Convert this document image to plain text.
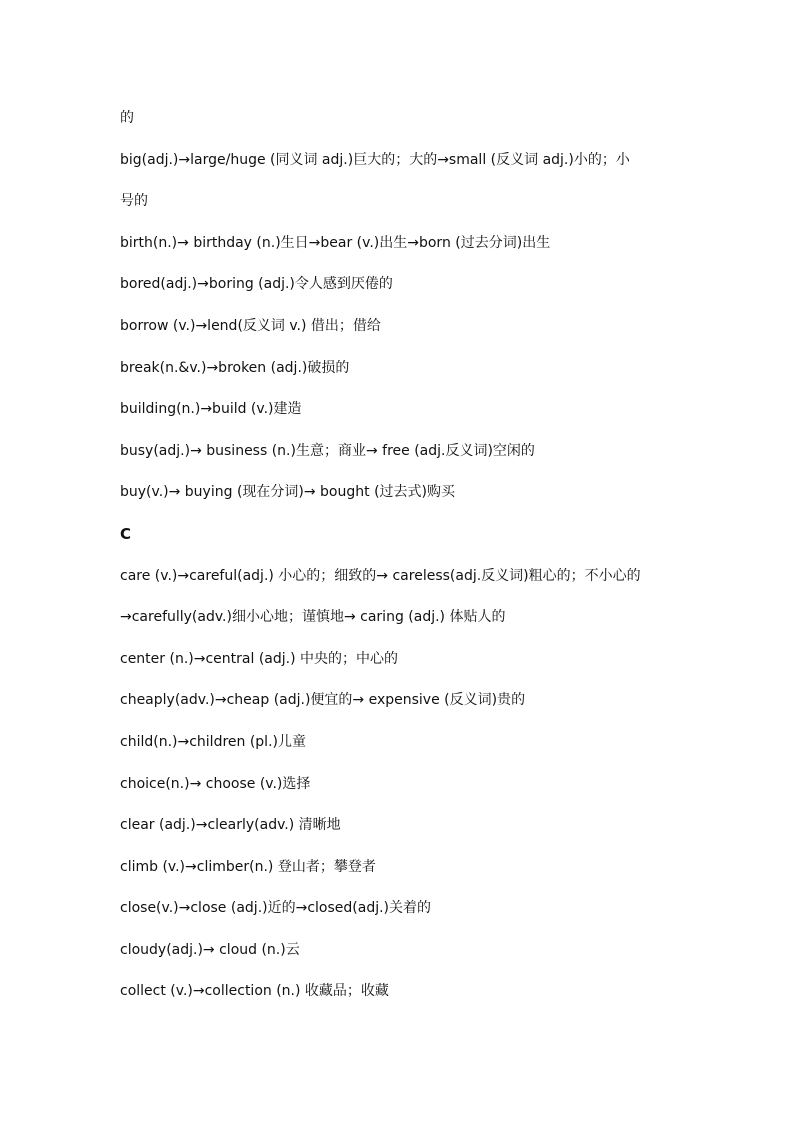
的
big(adj.)→large/huge (同义词 adj.)巨大的；大的→small (反义词 adj.)小的；小
号的
birth(n.)→ birthday (n.)生日→bear (v.)出生→born (过去分词)出生
bored(adj.)→boring (adj.)令人感到厌倦的
borrow (v.)→lend(反义词 v.) 借出；借给
break(n.&v.)→broken (adj.)破损的
building(n.)→build (v.)建造
busy(adj.)→ business (n.)生意；商业→ free (adj.反义词)空闲的
buy(v.)→ buying (现在分词)→ bought (过去式)购买
C
care (v.)→careful(adj.) 小心的；细致的→ careless(adj.反义词)粗心的；不小心的
→carefully(adv.)细小心地；谨慎地→ caring (adj.) 体贴人的
center (n.)→central (adj.) 中央的；中心的
cheaply(adv.)→cheap (adj.)便宜的→ expensive (反义词)贵的
child(n.)→children (pl.)儿童
choice(n.)→ choose (v.)选择
clear (adj.)→clearly(adv.) 清晰地
climb (v.)→climber(n.) 登山者；攀登者
close(v.)→close (adj.)近的→closed(adj.)关着的
cloudy(adj.)→ cloud (n.)云
collect (v.)→collection (n.) 收藏品；收藏
